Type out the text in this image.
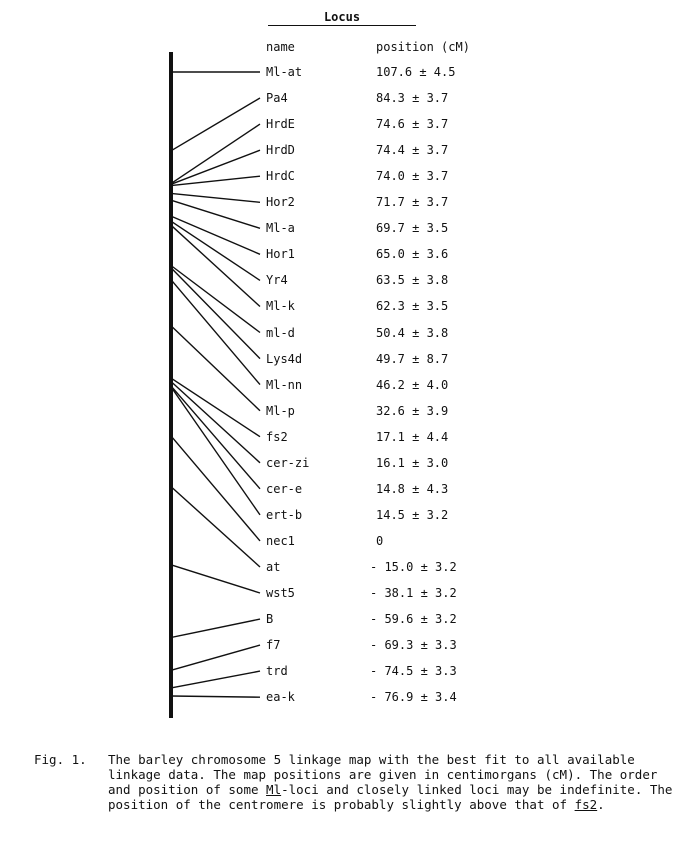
Locus
name	position (cM)
Ml-at	107.6 ± 4.5
Pa4	84.3 ± 3.7
HrdE	74.6 ± 3.7
HrdD	74.4 ± 3.7
HrdC	74.0 ± 3.7
Hor2	71.7 ± 3.7
Ml-a	69.7 ± 3.5
Hor1	65.0 ± 3.6
Yr4	63.5 ± 3.8
Ml-k	62.3 ± 3.5
ml-d	50.4 ± 3.8
Lys4d	49.7 ± 8.7
Ml-nn	46.2 ± 4.0
Ml-p	32.6 ± 3.9
fs2	17.1 ± 4.4
cer-zi	16.1 ± 3.0
cer-e	14.8 ± 4.3
ert-b	14.5 ± 3.2
nec1	0
at	- 15.0 ± 3.2
wst5	- 38.1 ± 3.2
B	- 59.6 ± 3.2
f7	- 69.3 ± 3.3
trd	- 74.5 ± 3.3
ea-k	- 76.9 ± 3.4
Fig. 1. The barley chromosome 5 linkage map with the best fit to all available linkage data. The map positions are given in centimorgans (cM). The order and position of some Ml-loci and closely linked loci may be indefinite. The position of the centromere is probably slightly above that of fs2.
